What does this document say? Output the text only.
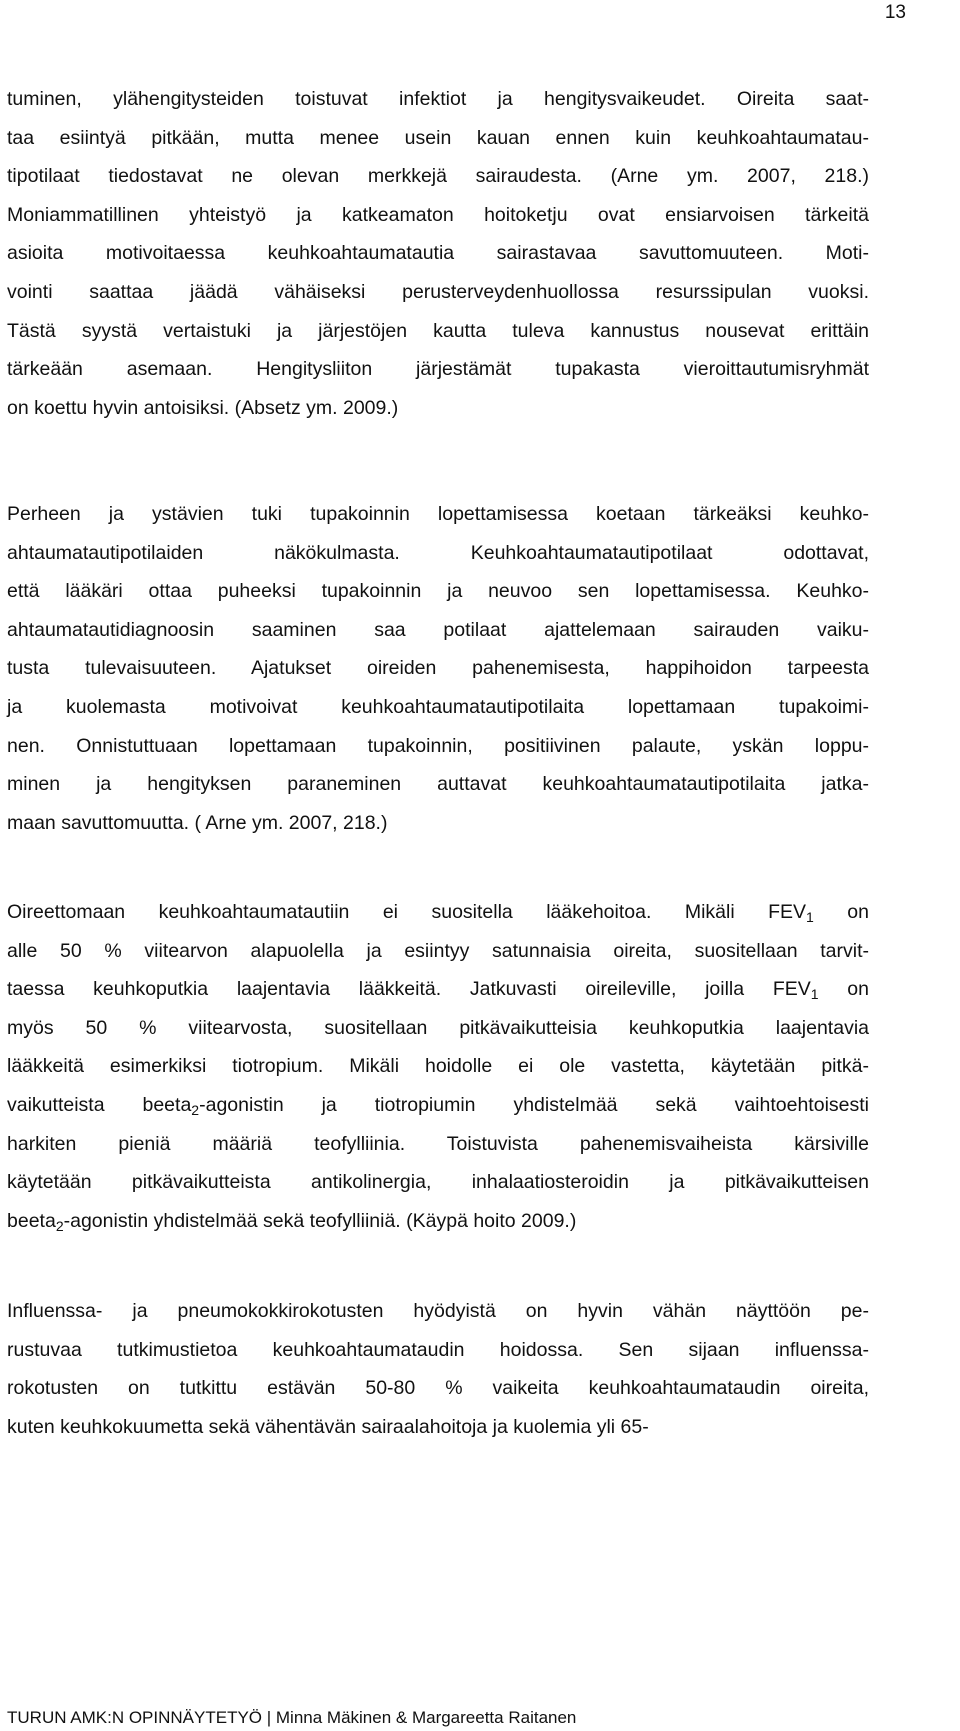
13
tuminen, ylähengitysteiden toistuvat infektiot ja hengitysvaikeudet. Oireita saat-
taa esiintyä pitkään, mutta menee usein kauan ennen kuin keuhkoahtaumatau-
tipotilaat tiedostavat ne olevan merkkejä sairaudesta. (Arne ym. 2007, 218.)
Moniammatillinen yhteistyö ja katkeamaton hoitoketju ovat ensiarvoisen tärkeitä
asioita motivoitaessa keuhkoahtaumatautia sairastavaa savuttomuuteen. Moti-
vointi saattaa jäädä vähäiseksi perusterveydenhuollossa resurssipulan vuoksi.
Tästä syystä vertaistuki ja järjestöjen kautta tuleva kannustus nousevat erittäin
tärkeään asemaan. Hengitysliiton järjestämät tupakasta vieroittautumisryhmät
on koettu hyvin antoisiksi. (Absetz ym. 2009.)
Perheen ja ystävien tuki tupakoinnin lopettamisessa koetaan tärkeäksi keuhko-
ahtaumatautipotilaiden näkökulmasta. Keuhkoahtaumatautipotilaat odottavat,
että lääkäri ottaa puheeksi tupakoinnin ja neuvoo sen lopettamisessa. Keuhko-
ahtaumatautidiagnoosin saaminen saa potilaat ajattelemaan sairauden vaiku-
tusta tulevaisuuteen. Ajatukset oireiden pahenemisesta, happihoidon tarpeesta
ja kuolemasta motivoivat keuhkoahtaumatautipotilaita lopettamaan tupakoimi-
nen. Onnistuttuaan lopettamaan tupakoinnin, positiivinen palaute, yskän loppu-
minen ja hengityksen paraneminen auttavat keuhkoahtaumatautipotilaita jatka-
maan savuttomuutta. ( Arne ym. 2007, 218.)
Oireettomaan keuhkoahtaumatautiin ei suositella lääkehoitoa. Mikäli $FEV_1$ on
alle 50 % viitearvon alapuolella ja esiintyy satunnaisia oireita, suositellaan tarvit-
taessa keuhkoputkia laajentavia lääkkeitä. Jatkuvasti oireileville, joilla $FEV_1$ on
myös 50 % viitearvosta, suositellaan pitkävaikutteisia keuhkoputkia laajentavia
lääkkeitä esimerkiksi tiotropium. Mikäli hoidolle ei ole vastetta, käytetään pitkä-
vaikutteista beeta$_2$-agonistin ja tiotropiumin yhdistelmää sekä vaihtoehtoisesti
harkiten pieniä määriä teofylliinia. Toistuvista pahenemisvaiheista kärsiville
käytetään pitkävaikutteista antikolinergia, inhalaatiosteroidin ja pitkävaikutteisen
beeta$_2$-agonistin yhdistelmää sekä teofylliiniä. (Käypä hoito 2009.)
Influenssa- ja pneumokokkirokotusten hyödyistä on hyvin vähän näyttöön pe-
rustuvaa tutkimustietoa keuhkoahtaumataudin hoidossa. Sen sijaan influenssa-
rokotusten on tutkittu estävän 50-80 % vaikeita keuhkoahtaumataudin oireita,
kuten keuhkokuumetta sekä vähentävän sairaalahoitoja ja kuolemia yli 65-
TURUN AMK:N OPINNÄYTETYÖ | Minna Mäkinen & Margareetta Raitanen
